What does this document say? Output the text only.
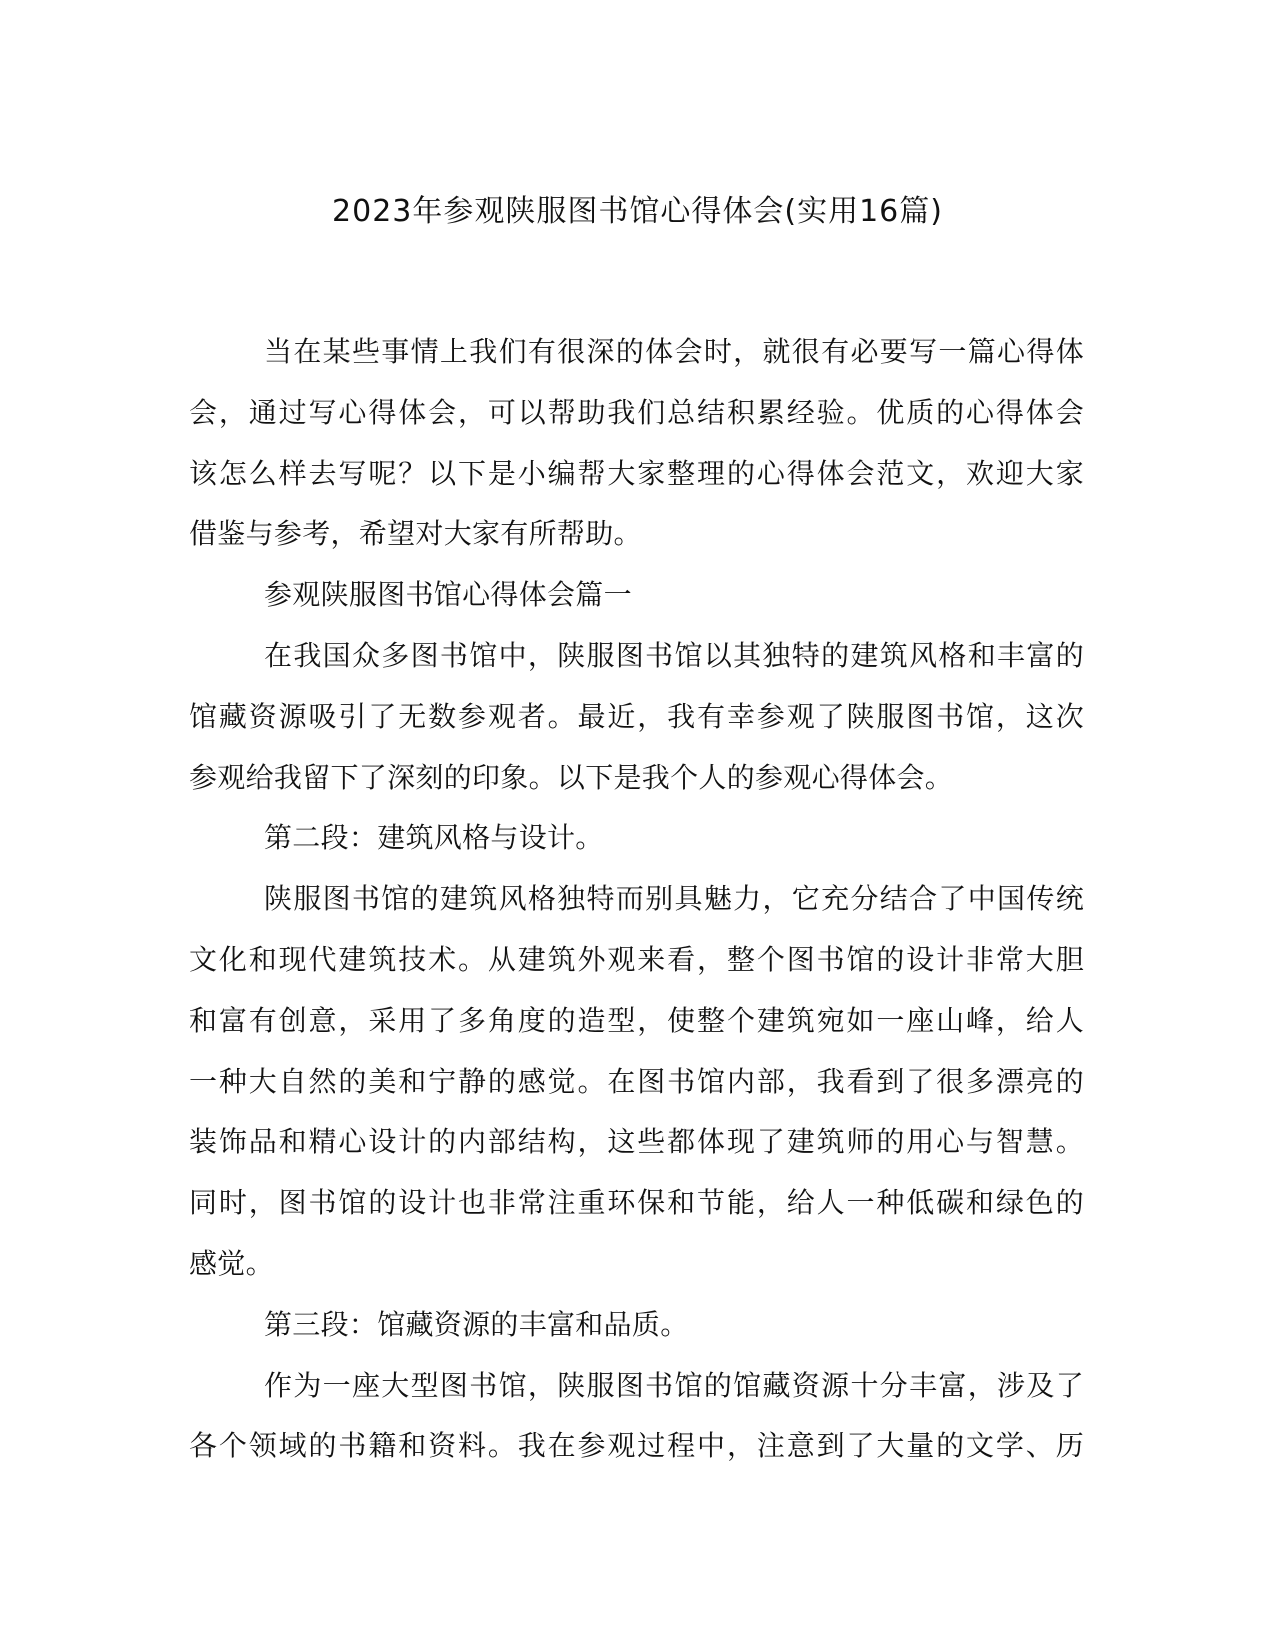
2023年参观陕服图书馆心得体会(实用16篇)
当在某些事情上我们有很深的体会时，就很有必要写一篇心得体
会，通过写心得体会，可以帮助我们总结积累经验。优质的心得体会
该怎么样去写呢？以下是小编帮大家整理的心得体会范文，欢迎大家
借鉴与参考，希望对大家有所帮助。
参观陕服图书馆心得体会篇一
在我国众多图书馆中，陕服图书馆以其独特的建筑风格和丰富的
馆藏资源吸引了无数参观者。最近，我有幸参观了陕服图书馆，这次
参观给我留下了深刻的印象。以下是我个人的参观心得体会。
第二段：建筑风格与设计。
陕服图书馆的建筑风格独特而别具魅力，它充分结合了中国传统
文化和现代建筑技术。从建筑外观来看，整个图书馆的设计非常大胆
和富有创意，采用了多角度的造型，使整个建筑宛如一座山峰，给人
一种大自然的美和宁静的感觉。在图书馆内部，我看到了很多漂亮的
装饰品和精心设计的内部结构，这些都体现了建筑师的用心与智慧。
同时，图书馆的设计也非常注重环保和节能，给人一种低碳和绿色的
感觉。
第三段：馆藏资源的丰富和品质。
作为一座大型图书馆，陕服图书馆的馆藏资源十分丰富，涉及了
各个领域的书籍和资料。我在参观过程中，注意到了大量的文学、历
